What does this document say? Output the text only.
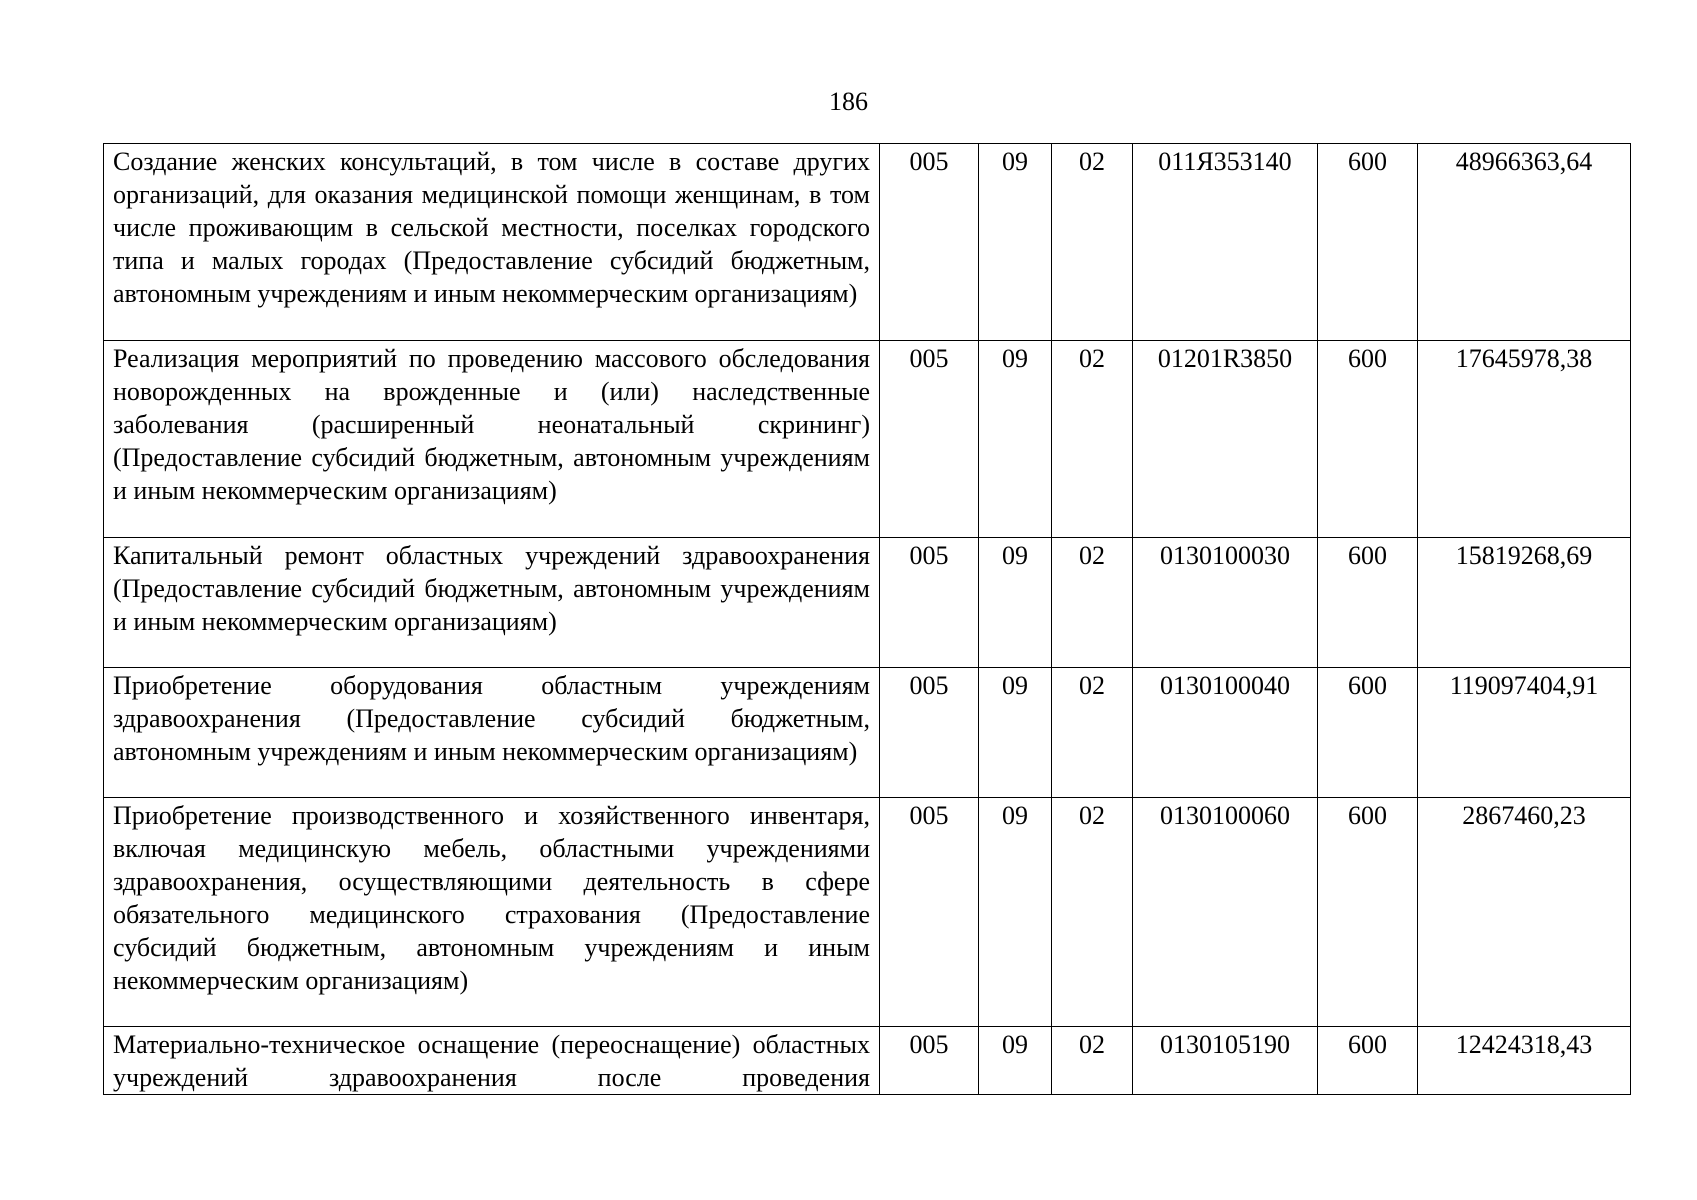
186
Создание женских консультаций, в том числе в составе других организаций, для оказания медицинской помощи женщинам, в том числе проживающим в сельской местности, поселках городского типа и малых городах (Предоставление субсидий бюджетным, автономным учреждениям и иным некоммерческим организациям)	005	09	02	011Я353140	600	48966363,64
Реализация мероприятий по проведению массового обследования новорожденных на врожденные и (или) наследственные заболевания (расширенный неонатальный скрининг) (Предоставление субсидий бюджетным, автономным учреждениям и иным некоммерческим организациям)	005	09	02	01201R3850	600	17645978,38
Капитальный ремонт областных учреждений здравоохранения (Предоставление субсидий бюджетным, автономным учреждениям и иным некоммерческим организациям)	005	09	02	0130100030	600	15819268,69
Приобретение оборудования областным учреждениям здравоохранения (Предоставление субсидий бюджетным, автономным учреждениям и иным некоммерческим организациям)	005	09	02	0130100040	600	119097404,91
Приобретение производственного и хозяйственного инвентаря, включая медицинскую мебель, областными учреждениями здравоохранения, осуществляющими деятельность в сфере обязательного медицинского страхования (Предоставление субсидий бюджетным, автономным учреждениям и иным некоммерческим организациям)	005	09	02	0130100060	600	2867460,23
Материально-техническое оснащение (переоснащение) областных учреждений здравоохранения после проведения	005	09	02	0130105190	600	12424318,43
